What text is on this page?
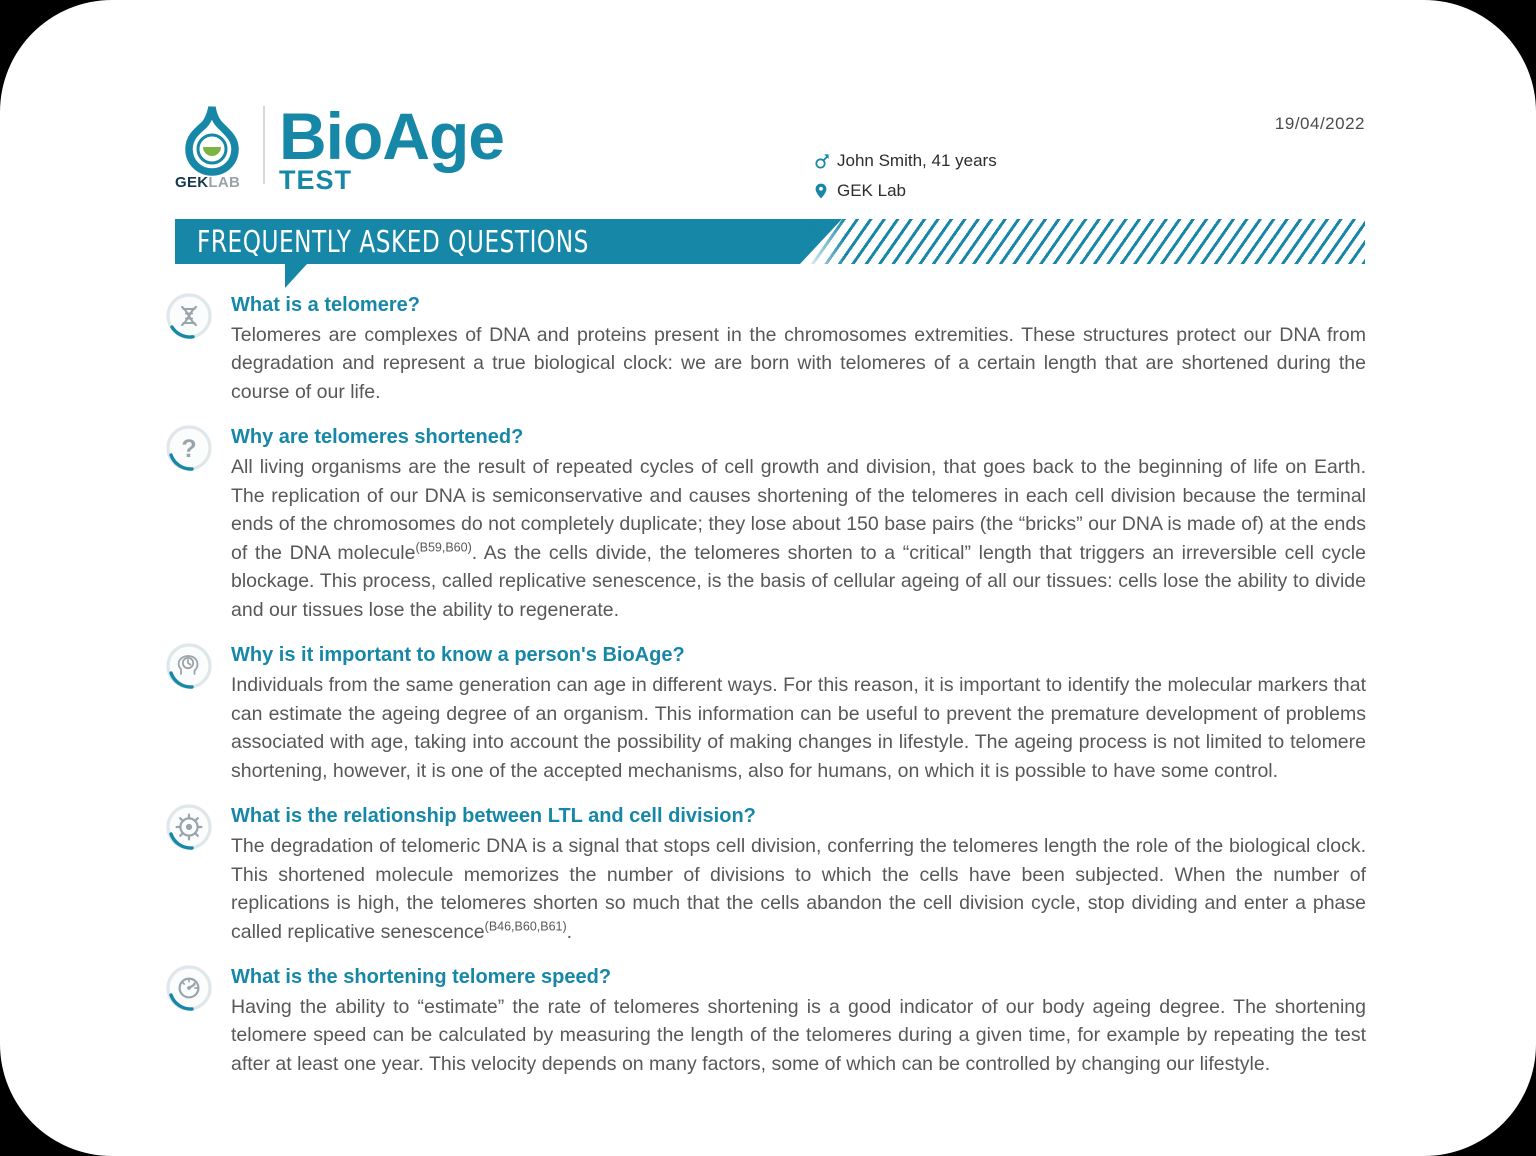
GEKLAB
BioAge
TEST
John Smith, 41 years
GEK Lab
19/04/2022
FREQUENTLY ASKED QUESTIONS

What is a telomere?

Telomeres are complexes of DNA and proteins present in the chromosomes extremities. These structures protect our DNA from degradation and represent a true biological clock: we are born with telomeres of a certain length that are shortened during the course of our life.

? Why are telomeres shortened?

All living organisms are the result of repeated cycles of cell growth and division, that goes back to the beginning of life on Earth. The replication of our DNA is semiconservative and causes shortening of the telomeres in each cell division because the terminal ends of the chromosomes do not completely duplicate; they lose about 150 base pairs (the “bricks” our DNA is made of) at the ends of the DNA molecule$^{(B59,B60)}$. As the cells divide, the telomeres shorten to a “critical” length that triggers an irreversible cell cycle blockage. This process, called replicative senescence, is the basis of cellular ageing of all our tissues: cells lose the ability to divide and our tissues lose the ability to regenerate.

Why is it important to know a person's BioAge?

Individuals from the same generation can age in different ways. For this reason, it is important to identify the molecular markers that can estimate the ageing degree of an organism. This information can be useful to prevent the premature development of problems associated with age, taking into account the possibility of making changes in lifestyle. The ageing process is not limited to telomere shortening, however, it is one of the accepted mechanisms, also for humans, on which it is possible to have some control.

What is the relationship between LTL and cell division?

The degradation of telomeric DNA is a signal that stops cell division, conferring the telomeres length the role of the biological clock. This shortened molecule memorizes the number of divisions to which the cells have been subjected. When the number of replications is high, the telomeres shorten so much that the cells abandon the cell division cycle, stop dividing and enter a phase called replicative senescence$^{(B46,B60,B61)}$.

What is the shortening telomere speed?

Having the ability to “estimate” the rate of telomeres shortening is a good indicator of our body ageing degree. The shortening telomere speed can be calculated by measuring the length of the telomeres during a given time, for example by repeating the test after at least one year. This velocity depends on many factors, some of which can be controlled by changing our lifestyle.
